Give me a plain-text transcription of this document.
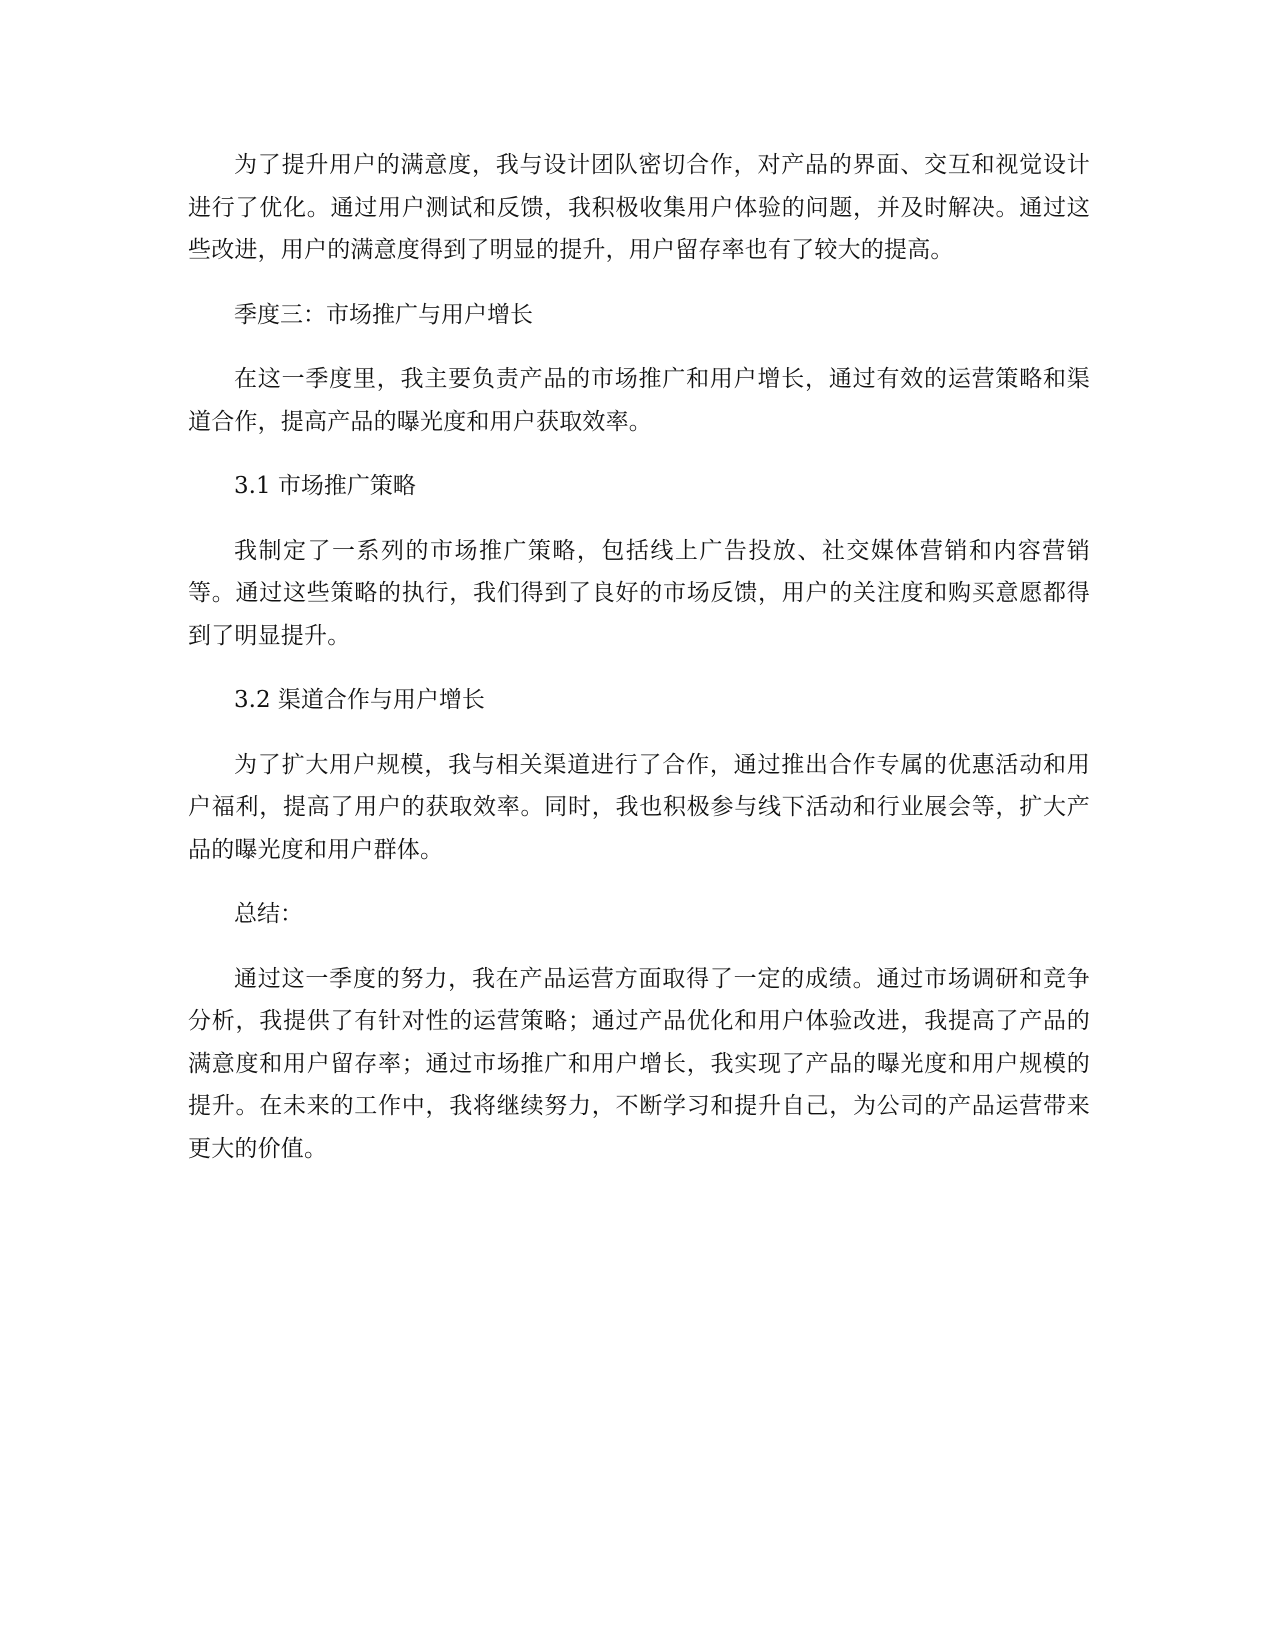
为了提升用户的满意度，我与设计团队密切合作，对产品的界面、交互和视觉设计进行了优化。通过用户测试和反馈，我积极收集用户体验的问题，并及时解决。通过这些改进，用户的满意度得到了明显的提升，用户留存率也有了较大的提高。

季度三：市场推广与用户增长

在这一季度里，我主要负责产品的市场推广和用户增长，通过有效的运营策略和渠道合作，提高产品的曝光度和用户获取效率。

3.1 市场推广策略

我制定了一系列的市场推广策略，包括线上广告投放、社交媒体营销和内容营销等。通过这些策略的执行，我们得到了良好的市场反馈，用户的关注度和购买意愿都得到了明显提升。

3.2 渠道合作与用户增长

为了扩大用户规模，我与相关渠道进行了合作，通过推出合作专属的优惠活动和用户福利，提高了用户的获取效率。同时，我也积极参与线下活动和行业展会等，扩大产品的曝光度和用户群体。

总结：

通过这一季度的努力，我在产品运营方面取得了一定的成绩。通过市场调研和竞争分析，我提供了有针对性的运营策略；通过产品优化和用户体验改进，我提高了产品的满意度和用户留存率；通过市场推广和用户增长，我实现了产品的曝光度和用户规模的提升。在未来的工作中，我将继续努力，不断学习和提升自己，为公司的产品运营带来更大的价值。
